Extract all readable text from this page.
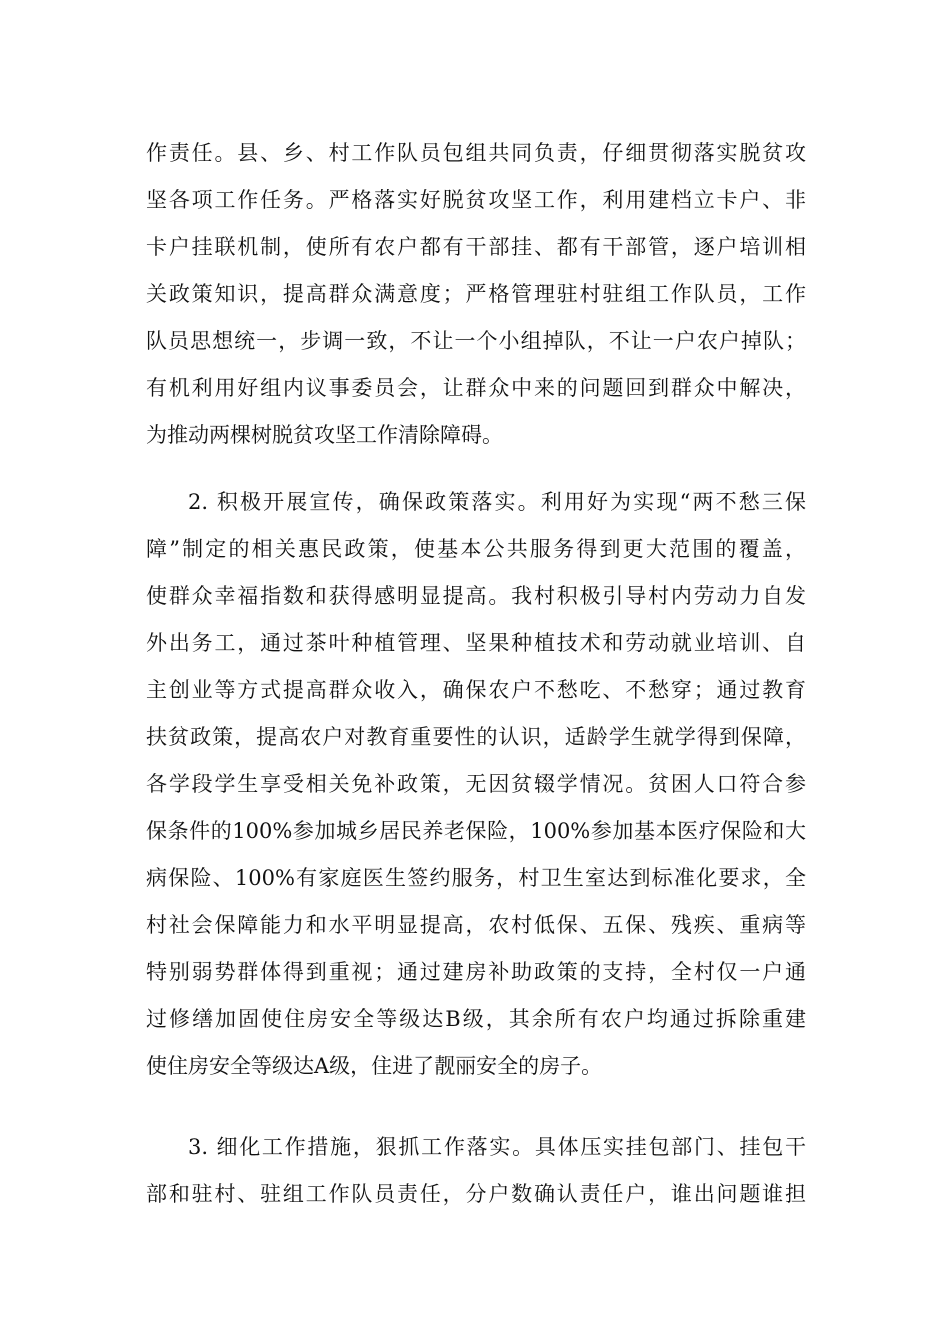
作责任。县、乡、村工作队员包组共同负责，仔细贯彻落实脱贫攻
坚各项工作任务。严格落实好脱贫攻坚工作，利用建档立卡户、非
卡户挂联机制，使所有农户都有干部挂、都有干部管，逐户培训相
关政策知识，提高群众满意度；严格管理驻村驻组工作队员，工作
队员思想统一，步调一致，不让一个小组掉队，不让一户农户掉队；
有机利用好组内议事委员会，让群众中来的问题回到群众中解决，
为推动两棵树脱贫攻坚工作清除障碍。
2. 积极开展宣传，确保政策落实。利用好为实现“两不愁三保
障”制定的相关惠民政策，使基本公共服务得到更大范围的覆盖，
使群众幸福指数和获得感明显提高。我村积极引导村内劳动力自发
外出务工，通过茶叶种植管理、坚果种植技术和劳动就业培训、自
主创业等方式提高群众收入，确保农户不愁吃、不愁穿；通过教育
扶贫政策，提高农户对教育重要性的认识，适龄学生就学得到保障，
各学段学生享受相关免补政策，无因贫辍学情况。贫困人口符合参
保条件的100%参加城乡居民养老保险，100%参加基本医疗保险和大
病保险、100%有家庭医生签约服务，村卫生室达到标准化要求，全
村社会保障能力和水平明显提高，农村低保、五保、残疾、重病等
特别弱势群体得到重视；通过建房补助政策的支持，全村仅一户通
过修缮加固使住房安全等级达B级，其余所有农户均通过拆除重建
使住房安全等级达A级，住进了靓丽安全的房子。
3. 细化工作措施，狠抓工作落实。具体压实挂包部门、挂包干
部和驻村、驻组工作队员责任，分户数确认责任户，谁出问题谁担
